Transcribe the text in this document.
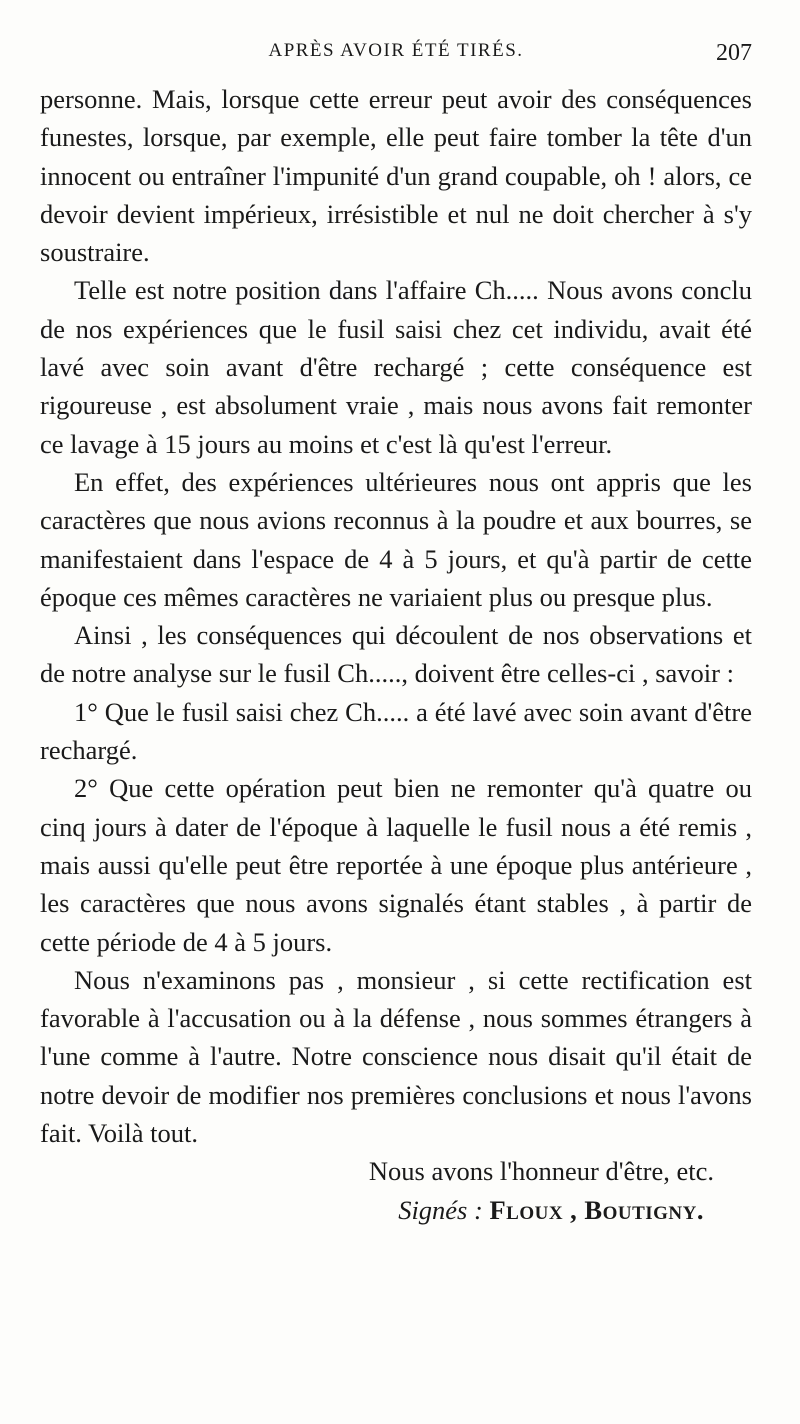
APRÈS AVOIR ÉTÉ TIRÉS.	207

personne. Mais, lorsque cette erreur peut avoir des conséquences funestes, lorsque, par exemple, elle peut faire tomber la tête d'un innocent ou entraîner l'impunité d'un grand coupable, oh ! alors, ce devoir devient impérieux, irrésistible et nul ne doit chercher à s'y soustraire.

Telle est notre position dans l'affaire Ch..... Nous avons conclu de nos expériences que le fusil saisi chez cet individu, avait été lavé avec soin avant d'être rechargé ; cette conséquence est rigoureuse , est absolument vraie , mais nous avons fait remonter ce lavage à 15 jours au moins et c'est là qu'est l'erreur.

En effet, des expériences ultérieures nous ont appris que les caractères que nous avions reconnus à la poudre et aux bourres, se manifestaient dans l'espace de 4 à 5 jours, et qu'à partir de cette époque ces mêmes caractères ne variaient plus ou presque plus.

Ainsi , les conséquences qui découlent de nos observations et de notre analyse sur le fusil Ch....., doivent être celles-ci , savoir :

1° Que le fusil saisi chez Ch..... a été lavé avec soin avant d'être rechargé.

2° Que cette opération peut bien ne remonter qu'à quatre ou cinq jours à dater de l'époque à laquelle le fusil nous a été remis , mais aussi qu'elle peut être reportée à une époque plus antérieure , les caractères que nous avons signalés étant stables , à partir de cette période de 4 à 5 jours.

Nous n'examinons pas , monsieur , si cette rectification est favorable à l'accusation ou à la défense , nous sommes étrangers à l'une comme à l'autre. Notre conscience nous disait qu'il était de notre devoir de modifier nos premières conclusions et nous l'avons fait. Voilà tout.

Nous avons l'honneur d'être, etc.

Signés : Floux , Boutigny.
